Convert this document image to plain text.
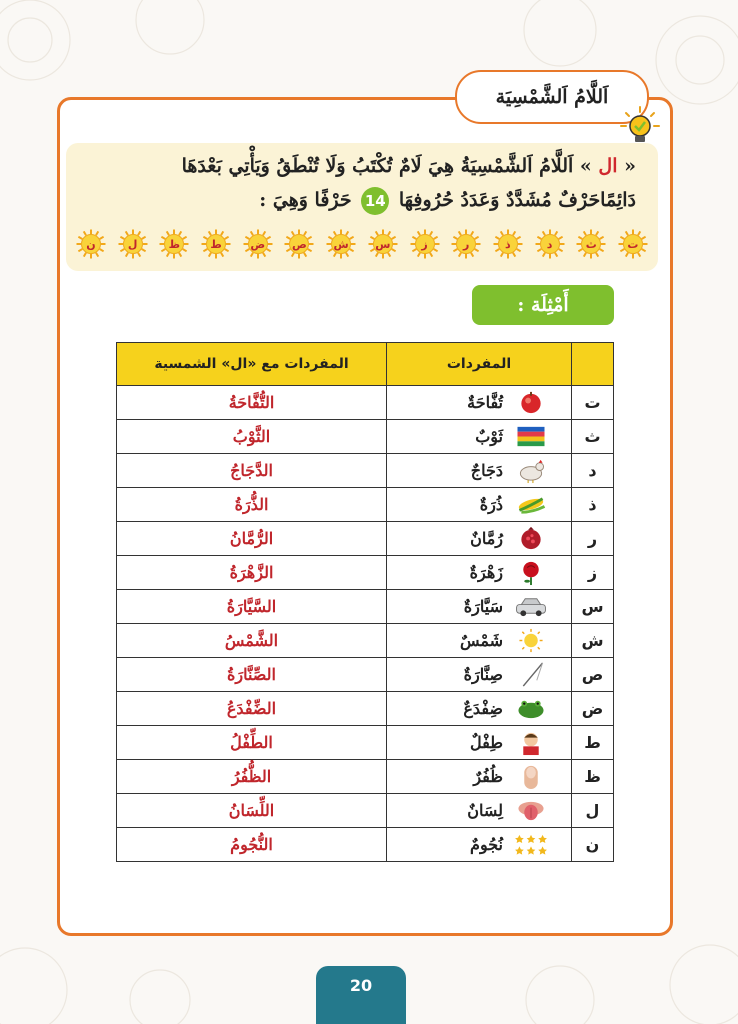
اَللَّامُ اَلشَّمْسِيَة
« ال » اَللَّامُ اَلشَّمْسِيَةُ هِيَ لَامٌ تُكْتَبُ وَلَا تُنْطَقُ وَيَأْتِي بَعْدَهَا
دَائِمًاحَرْفٌ مُشَدَّدٌ وَعَدَدُ حُرُوفِهَا 14 حَرْفًا وَهِيَ :
ت
ث
د
ذ
ر
ز
س
ش
ص
ض
ط
ظ
ل
ن
أَمْثِلَة :
	المفردات	المفردات مع «ال» الشمسية
ت	تُفَّاحَةٌ	التُّفَّاحَةُ
ث	ثَوْبٌ	الثَّوْبُ
د	دَجَاجٌ	الدَّجَاجُ
ذ	ذُرَةٌ	الذُّرَةُ
ر	رُمَّانٌ	الرُّمَّانُ
ز	زَهْرَةٌ	الزَّهْرَةُ
س	سَيَّارَةٌ	السَّيَّارَةُ
ش	شَمْسٌ	الشَّمْسُ
ص	صِنَّارَةٌ	الصِّنَّارَةُ
ض	ضِفْدَعٌ	الضِّفْدَعُ
ط	طِفْلٌ	الطِّفْلُ
ظ	ظُفُرٌ	الظُّفُرُ
ل	لِسَانٌ	اللِّسَانُ
ن	نُجُومٌ	النُّجُومُ
20
